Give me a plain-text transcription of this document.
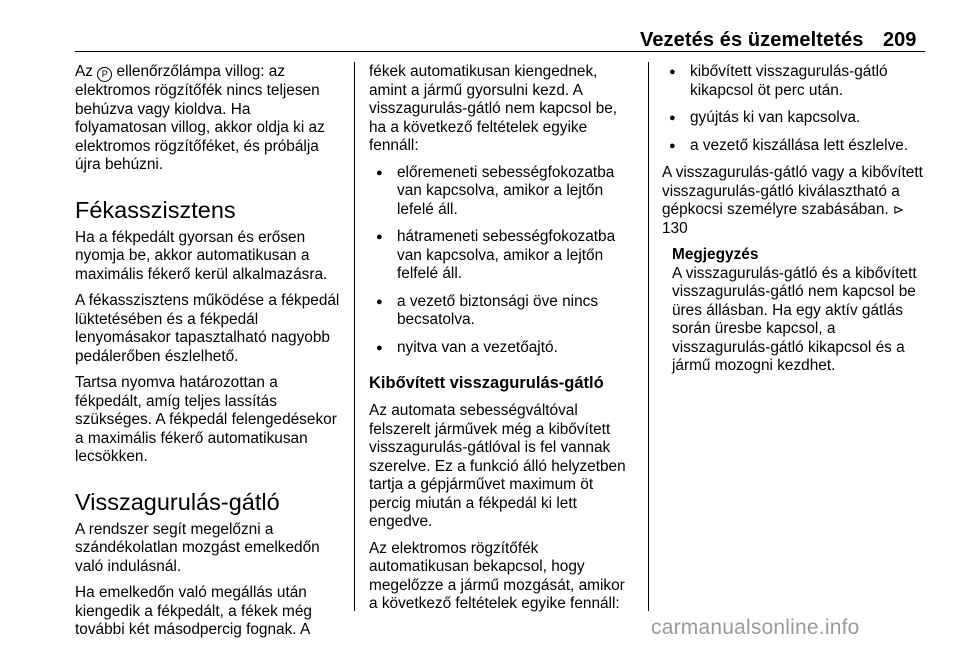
Vezetés és üzemeltetés 209

Az P ellenőrzőlámpa villog: az elektromos rögzítőfék nincs teljesen behúzva vagy kioldva. Ha folyamatosan villog, akkor oldja ki az elektromos rögzítőféket, és próbálja újra behúzni.

Fékasszisztens

Ha a fékpedált gyorsan és erősen nyomja be, akkor automatikusan a maximális fékerő kerül alkalmazásra.

A fékasszisztens működése a fékpedál lüktetésében és a fékpedál lenyomásakor tapasztalható nagyobb pedálerőben észlelhető.

Tartsa nyomva határozottan a fékpedált, amíg teljes lassítás szükséges. A fékpedál felengedésekor a maximális fékerő automatikusan lecsökken.

Visszagurulás-gátló

A rendszer segít megelőzni a szándékolatlan mozgást emelkedőn való indulásnál.

Ha emelkedőn való megállás után kiengedik a fékpedált, a fékek még további két másodpercig fognak. A

fékek automatikusan kiengednek, amint a jármű gyorsulni kezd. A visszagurulás-gátló nem kapcsol be, ha a következő feltételek egyike fennáll:

● előremeneti sebességfokozatba van kapcsolva, amikor a lejtőn lefelé áll.
● hátrameneti sebességfokozatba van kapcsolva, amikor a lejtőn felfelé áll.
● a vezető biztonsági öve nincs becsatolva.
● nyitva van a vezetőajtó.
Kibővített visszagurulás-gátló

Az automata sebességváltóval felszerelt járművek még a kibővített visszagurulás-gátlóval is fel vannak szerelve. Ez a funkció álló helyzetben tartja a gépjárművet maximum öt percig miután a fékpedál ki lett engedve.

Az elektromos rögzítőfék automatikusan bekapcsol, hogy megelőzze a jármű mozgását, amikor a következő feltételek egyike fennáll:

● kibővített visszagurulás-gátló kikapcsol öt perc után.
● gyújtás ki van kapcsolva.
● a vezető kiszállása lett észlelve.

A visszagurulás-gátló vagy a kibővített visszagurulás-gátló kiválasztható a gépkocsi személyre szabásában. ⊳ 130

Megjegyzés
A visszagurulás-gátló és a kibővített visszagurulás-gátló nem kapcsol be üres állásban. Ha egy aktív gátlás során üresbe kapcsol, a visszagurulás-gátló kikapcsol és a jármű mozogni kezdhet.
carmanualsonline.info
